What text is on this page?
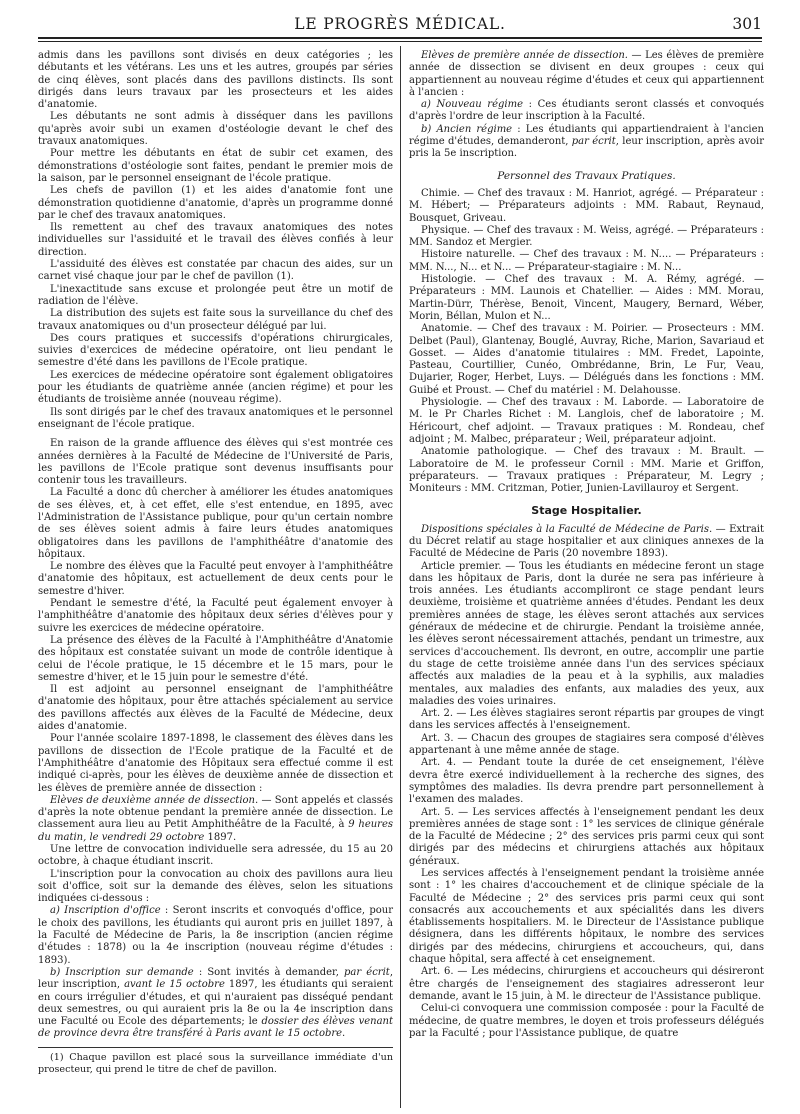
LE PROGRÈS MÉDICAL.	301

admis dans les pavillons sont divisés en deux catégories ; les débutants et les vétérans. Les uns et les autres, groupés par séries de cinq élèves, sont placés dans des pavillons distincts. Ils sont dirigés dans leurs travaux par les prosecteurs et les aides d'anatomie.

Les débutants ne sont admis à disséquer dans les pavillons qu'après avoir subi un examen d'ostéologie devant le chef des travaux anatomiques.

Pour mettre les débutants en état de subir cet examen, des démonstrations d'ostéologie sont faites, pendant le premier mois de la saison, par le personnel enseignant de l'école pratique.

Les chefs de pavillon (1) et les aides d'anatomie font une démonstration quotidienne d'anatomie, d'après un programme donné par le chef des travaux anatomiques.

Ils remettent au chef des travaux anatomiques des notes individuelles sur l'assiduité et le travail des élèves confiés à leur direction.

L'assiduité des élèves est constatée par chacun des aides, sur un carnet visé chaque jour par le chef de pavillon (1).

L'inexactitude sans excuse et prolongée peut être un motif de radiation de l'élève.

La distribution des sujets est faite sous la surveillance du chef des travaux anatomiques ou d'un prosecteur délégué par lui.

Des cours pratiques et successifs d'opérations chirurgicales, suivies d'exercices de médecine opératoire, ont lieu pendant le semestre d'été dans les pavillons de l'Ecole pratique.

Les exercices de médecine opératoire sont également obligatoires pour les étudiants de quatrième année (ancien régime) et pour les étudiants de troisième année (nouveau régime).

Ils sont dirigés par le chef des travaux anatomiques et le personnel enseignant de l'école pratique.

En raison de la grande affluence des élèves qui s'est montrée ces années dernières à la Faculté de Médecine de l'Université de Paris, les pavillons de l'Ecole pratique sont devenus insuffisants pour contenir tous les travailleurs.

La Faculté a donc dû chercher à améliorer les études anatomiques de ses élèves, et, à cet effet, elle s'est entendue, en 1895, avec l'Administration de l'Assistance publique, pour qu'un certain nombre de ses élèves soient admis à faire leurs études anatomiques obligatoires dans les pavillons de l'amphithéâtre d'anatomie des hôpitaux.

Le nombre des élèves que la Faculté peut envoyer à l'amphithéâtre d'anatomie des hôpitaux, est actuellement de deux cents pour le semestre d'hiver.

Pendant le semestre d'été, la Faculté peut également envoyer à l'amphithéâtre d'anatomie des hôpitaux deux séries d'élèves pour y suivre les exercices de médecine opératoire.

La présence des élèves de la Faculté à l'Amphithéâtre d'Anatomie des hôpitaux est constatée suivant un mode de contrôle identique à celui de l'école pratique, le 15 décembre et le 15 mars, pour le semestre d'hiver, et le 15 juin pour le semestre d'été.

Il est adjoint au personnel enseignant de l'amphithéâtre d'anatomie des hôpitaux, pour être attachés spécialement au service des pavillons affectés aux élèves de la Faculté de Médecine, deux aides d'anatomie.

Pour l'année scolaire 1897-1898, le classement des élèves dans les pavillons de dissection de l'Ecole pratique de la Faculté et de l'Amphithéâtre d'anatomie des Hôpitaux sera effectué comme il est indiqué ci-après, pour les élèves de deuxième année de dissection et les élèves de première année de dissection :

Elèves de deuxième année de dissection. — Sont appelés et classés d'après la note obtenue pendant la première année de dissection. Le classement aura lieu au Petit Amphithéâtre de la Faculté, à 9 heures du matin, le vendredi 29 octobre 1897.

Une lettre de convocation individuelle sera adressée, du 15 au 20 octobre, à chaque étudiant inscrit.

L'inscription pour la convocation au choix des pavillons aura lieu soit d'office, soit sur la demande des élèves, selon les situations indiquées ci-dessous :

a) Inscription d'office : Seront inscrits et convoqués d'office, pour le choix des pavillons, les étudiants qui auront pris en juillet 1897, à la Faculté de Médecine de Paris, la 8e inscription (ancien régime d'études : 1878) ou la 4e inscription (nouveau régime d'études : 1893).

b) Inscription sur demande : Sont invités à demander, par écrit, leur inscription, avant le 15 octobre 1897, les étudiants qui seraient en cours irrégulier d'études, et qui n'auraient pas disséqué pendant deux semestres, ou qui auraient pris la 8e ou la 4e inscription dans une Faculté ou Ecole des départements; le dossier des élèves venant de province devra être transféré à Paris avant le 15 octobre.

(1) Chaque pavillon est placé sous la surveillance immédiate d'un prosecteur, qui prend le titre de chef de pavillon.

Elèves de première année de dissection. — Les élèves de première année de dissection se divisent en deux groupes : ceux qui appartiennent au nouveau régime d'études et ceux qui appartiennent à l'ancien :

a) Nouveau régime : Ces étudiants seront classés et convoqués d'après l'ordre de leur inscription à la Faculté.

b) Ancien régime : Les étudiants qui appartiendraient à l'ancien régime d'études, demanderont, par écrit, leur inscription, après avoir pris la 5e inscription.

Personnel des Travaux Pratiques.

Chimie. — Chef des travaux : M. Hanriot, agrégé. — Préparateur : M. Hébert; — Préparateurs adjoints : MM. Rabaut, Reynaud, Bousquet, Griveau.

Physique. — Chef des travaux : M. Weiss, agrégé. — Préparateurs : MM. Sandoz et Mergier.

Histoire naturelle. — Chef des travaux : M. N.... — Préparateurs : MM. N..., N... et N... — Préparateur-stagiaire : M. N...

Histologie. — Chef des travaux : M. A. Rémy, agrégé. — Préparateurs : MM. Launois et Chatellier. — Aides : MM. Morau, Martin-Dürr, Thérèse, Benoit, Vincent, Maugery, Bernard, Wéber, Morin, Béllan, Mulon et N...

Anatomie. — Chef des travaux : M. Poirier. — Prosecteurs : MM. Delbet (Paul), Glantenay, Bouglé, Auvray, Riche, Marion, Savariaud et Gosset. — Aides d'anatomie titulaires : MM. Fredet, Lapointe, Pasteau, Courtillier, Cunéo, Ombrédanne, Brin, Le Fur, Veau, Dujarier, Roger, Herbet, Luys. — Délégués dans les fonctions : MM. Guibé et Proust. — Chef du matériel : M. Delahousse.

Physiologie. — Chef des travaux : M. Laborde. — Laboratoire de M. le Pr Charles Richet : M. Langlois, chef de laboratoire ; M. Héricourt, chef adjoint. — Travaux pratiques : M. Rondeau, chef adjoint ; M. Malbec, préparateur ; Weil, préparateur adjoint.

Anatomie pathologique. — Chef des travaux : M. Brault. — Laboratoire de M. le professeur Cornil : MM. Marie et Griffon, préparateurs. — Travaux pratiques : Préparateur, M. Legry ; Moniteurs : MM. Critzman, Potier, Junien-Lavillauroy et Sergent.

Stage Hospitalier.

Dispositions spéciales à la Faculté de Médecine de Paris. — Extrait du Décret relatif au stage hospitalier et aux cliniques annexes de la Faculté de Médecine de Paris (20 novembre 1893).

Article premier. — Tous les étudiants en médecine feront un stage dans les hôpitaux de Paris, dont la durée ne sera pas inférieure à trois années. Les étudiants accompliront ce stage pendant leurs deuxième, troisième et quatrième années d'études. Pendant les deux premières années de stage, les élèves seront attachés aux services généraux de médecine et de chirurgie. Pendant la troisième année, les élèves seront nécessairement attachés, pendant un trimestre, aux services d'accouchement. Ils devront, en outre, accomplir une partie du stage de cette troisième année dans l'un des services spéciaux affectés aux maladies de la peau et à la syphilis, aux maladies mentales, aux maladies des enfants, aux maladies des yeux, aux maladies des voies urinaires.

Art. 2. — Les élèves stagiaires seront répartis par groupes de vingt dans les services affectés à l'enseignement.

Art. 3. — Chacun des groupes de stagiaires sera composé d'élèves appartenant à une même année de stage.

Art. 4. — Pendant toute la durée de cet enseignement, l'élève devra être exercé individuellement à la recherche des signes, des symptômes des maladies. Ils devra prendre part personnellement à l'examen des malades.

Art. 5. — Les services affectés à l'enseignement pendant les deux premières années de stage sont : 1° les services de clinique générale de la Faculté de Médecine ; 2° des services pris parmi ceux qui sont dirigés par des médecins et chirurgiens attachés aux hôpitaux généraux.

Les services affectés à l'enseignement pendant la troisième année sont : 1° les chaires d'accouchement et de clinique spéciale de la Faculté de Médecine ; 2° des services pris parmi ceux qui sont consacrés aux accouchements et aux spécialités dans les divers établissements hospitaliers. M. le Directeur de l'Assistance publique désignera, dans les différents hôpitaux, le nombre des services dirigés par des médecins, chirurgiens et accoucheurs, qui, dans chaque hôpital, sera affecté à cet enseignement.

Art. 6. — Les médecins, chirurgiens et accoucheurs qui désireront être chargés de l'enseignement des stagiaires adresseront leur demande, avant le 15 juin, à M. le directeur de l'Assistance publique.

Celui-ci convoquera une commission composée : pour la Faculté de médecine, de quatre membres, le doyen et trois professeurs délégués par la Faculté ; pour l'Assistance publique, de quatre
